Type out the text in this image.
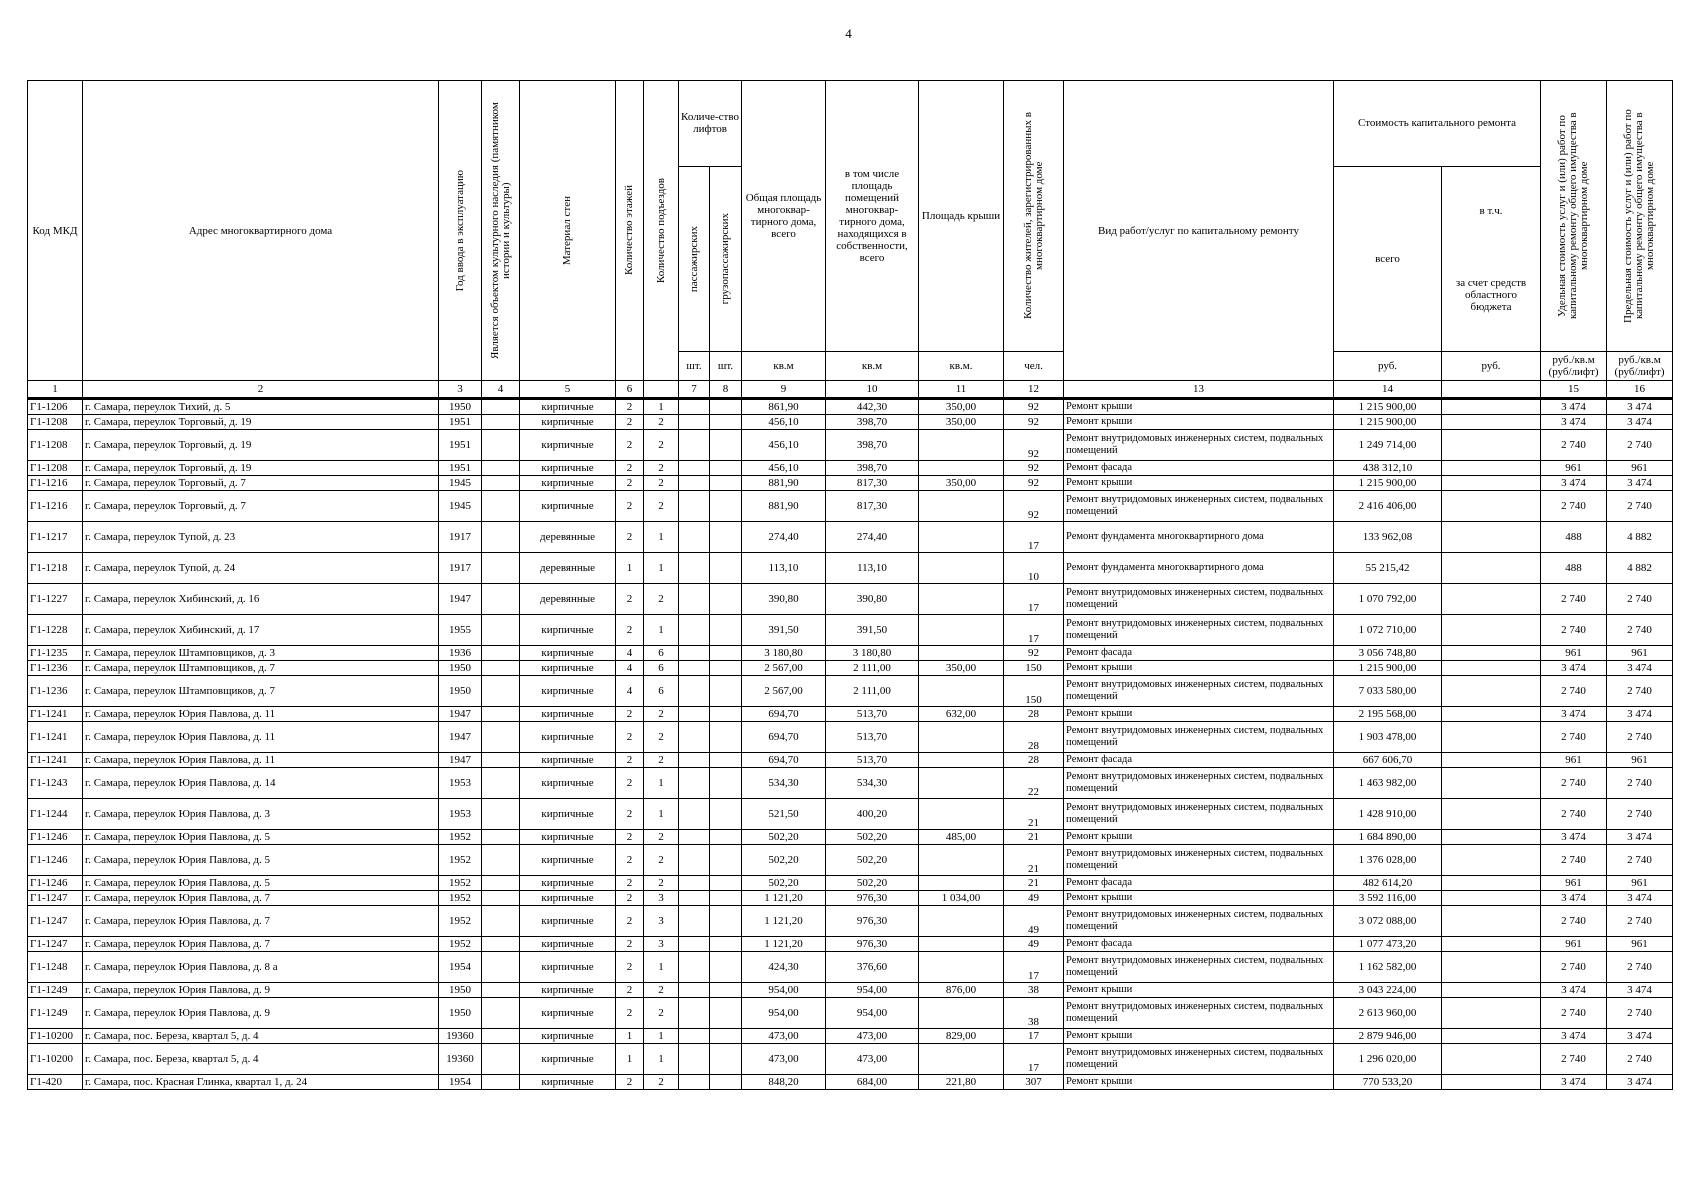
4
Код МКД	Адрес многоквартирного дома	Год ввода в эксплуатацию	Является объектом культурного наследия (памятником истории и культуры)	Материал стен	Количество этажей	Количество подъездов	Количе-ство лифтов		Общая площадь многоквар-тирного дома, всего	в том числе площадь помещений многоквар-тирного дома, находящихся в собственности, всего	Площадь крыши	Количество жителей, зарегистрированных в многоквартирном доме	Вид работ/услуг по капитальному ремонту	Стоимость капитального ремонта		Удельная стоимость услуг и (или) работ по капитальному ремонту общего имущества в многоквартирном доме	Предельная стоимость услуг и (или) работ по капитальному ремонту общего имущества в многоквартирном доме

							пассажирских	грузопассажирских						всего	в т.ч.
за счет средств областного бюджета		

							шт.	шт.	кв.м	кв.м	кв.м.	чел.		руб.	руб.	руб./кв.м (руб/лифт)	руб./кв.м (руб/лифт)
1	2	3	4	5	6		7	8	9	10	11	12	13	14		15	16
Г1-1206	г. Самара, переулок Тихий, д. 5	1950		кирпичные	2	1			861,90	442,30	350,00	92	Ремонт крыши	1 215 900,00		3 474	3 474
Г1-1208	г. Самара, переулок Торговый, д. 19	1951		кирпичные	2	2			456,10	398,70	350,00	92	Ремонт крыши	1 215 900,00		3 474	3 474
Г1-1208	г. Самара, переулок Торговый, д. 19	1951		кирпичные	2	2			456,10	398,70		92	Ремонт внутридомовых инженерных систем, подвальных помещений	1 249 714,00		2 740	2 740
Г1-1208	г. Самара, переулок Торговый, д. 19	1951		кирпичные	2	2			456,10	398,70		92	Ремонт фасада	438 312,10		961	961
Г1-1216	г. Самара, переулок Торговый, д. 7	1945		кирпичные	2	2			881,90	817,30	350,00	92	Ремонт крыши	1 215 900,00		3 474	3 474
Г1-1216	г. Самара, переулок Торговый, д. 7	1945		кирпичные	2	2			881,90	817,30		92	Ремонт внутридомовых инженерных систем, подвальных помещений	2 416 406,00		2 740	2 740
Г1-1217	г. Самара, переулок Тупой, д. 23	1917		деревянные	2	1			274,40	274,40		17	Ремонт фундамента многоквартирного дома	133 962,08		488	4 882
Г1-1218	г. Самара, переулок Тупой, д. 24	1917		деревянные	1	1			113,10	113,10		10	Ремонт фундамента многоквартирного дома	55 215,42		488	4 882
Г1-1227	г. Самара, переулок Хибинский, д. 16	1947		деревянные	2	2			390,80	390,80		17	Ремонт внутридомовых инженерных систем, подвальных помещений	1 070 792,00		2 740	2 740
Г1-1228	г. Самара, переулок Хибинский, д. 17	1955		кирпичные	2	1			391,50	391,50		17	Ремонт внутридомовых инженерных систем, подвальных помещений	1 072 710,00		2 740	2 740
Г1-1235	г. Самара, переулок Штамповщиков, д. 3	1936		кирпичные	4	6			3 180,80	3 180,80		92	Ремонт фасада	3 056 748,80		961	961
Г1-1236	г. Самара, переулок Штамповщиков, д. 7	1950		кирпичные	4	6			2 567,00	2 111,00	350,00	150	Ремонт крыши	1 215 900,00		3 474	3 474
Г1-1236	г. Самара, переулок Штамповщиков, д. 7	1950		кирпичные	4	6			2 567,00	2 111,00		150	Ремонт внутридомовых инженерных систем, подвальных помещений	7 033 580,00		2 740	2 740
Г1-1241	г. Самара, переулок Юрия Павлова, д. 11	1947		кирпичные	2	2			694,70	513,70	632,00	28	Ремонт крыши	2 195 568,00		3 474	3 474
Г1-1241	г. Самара, переулок Юрия Павлова, д. 11	1947		кирпичные	2	2			694,70	513,70		28	Ремонт внутридомовых инженерных систем, подвальных помещений	1 903 478,00		2 740	2 740
Г1-1241	г. Самара, переулок Юрия Павлова, д. 11	1947		кирпичные	2	2			694,70	513,70		28	Ремонт фасада	667 606,70		961	961
Г1-1243	г. Самара, переулок Юрия Павлова, д. 14	1953		кирпичные	2	1			534,30	534,30		22	Ремонт внутридомовых инженерных систем, подвальных помещений	1 463 982,00		2 740	2 740
Г1-1244	г. Самара, переулок Юрия Павлова, д. 3	1953		кирпичные	2	1			521,50	400,20		21	Ремонт внутридомовых инженерных систем, подвальных помещений	1 428 910,00		2 740	2 740
Г1-1246	г. Самара, переулок Юрия Павлова, д. 5	1952		кирпичные	2	2			502,20	502,20	485,00	21	Ремонт крыши	1 684 890,00		3 474	3 474
Г1-1246	г. Самара, переулок Юрия Павлова, д. 5	1952		кирпичные	2	2			502,20	502,20		21	Ремонт внутридомовых инженерных систем, подвальных помещений	1 376 028,00		2 740	2 740
Г1-1246	г. Самара, переулок Юрия Павлова, д. 5	1952		кирпичные	2	2			502,20	502,20		21	Ремонт фасада	482 614,20		961	961
Г1-1247	г. Самара, переулок Юрия Павлова, д. 7	1952		кирпичные	2	3			1 121,20	976,30	1 034,00	49	Ремонт крыши	3 592 116,00		3 474	3 474
Г1-1247	г. Самара, переулок Юрия Павлова, д. 7	1952		кирпичные	2	3			1 121,20	976,30		49	Ремонт внутридомовых инженерных систем, подвальных помещений	3 072 088,00		2 740	2 740
Г1-1247	г. Самара, переулок Юрия Павлова, д. 7	1952		кирпичные	2	3			1 121,20	976,30		49	Ремонт фасада	1 077 473,20		961	961
Г1-1248	г. Самара, переулок Юрия Павлова, д. 8 а	1954		кирпичные	2	1			424,30	376,60		17	Ремонт внутридомовых инженерных систем, подвальных помещений	1 162 582,00		2 740	2 740
Г1-1249	г. Самара, переулок Юрия Павлова, д. 9	1950		кирпичные	2	2			954,00	954,00	876,00	38	Ремонт крыши	3 043 224,00		3 474	3 474
Г1-1249	г. Самара, переулок Юрия Павлова, д. 9	1950		кирпичные	2	2			954,00	954,00		38	Ремонт внутридомовых инженерных систем, подвальных помещений	2 613 960,00		2 740	2 740
Г1-10200	г. Самара, пос. Береза, квартал 5, д. 4	19360		кирпичные	1	1			473,00	473,00	829,00	17	Ремонт крыши	2 879 946,00		3 474	3 474
Г1-10200	г. Самара, пос. Береза, квартал 5, д. 4	19360		кирпичные	1	1			473,00	473,00		17	Ремонт внутридомовых инженерных систем, подвальных помещений	1 296 020,00		2 740	2 740
Г1-420	г. Самара, пос. Красная Глинка, квартал 1, д. 24	1954		кирпичные	2	2			848,20	684,00	221,80	307	Ремонт крыши	770 533,20		3 474	3 474
